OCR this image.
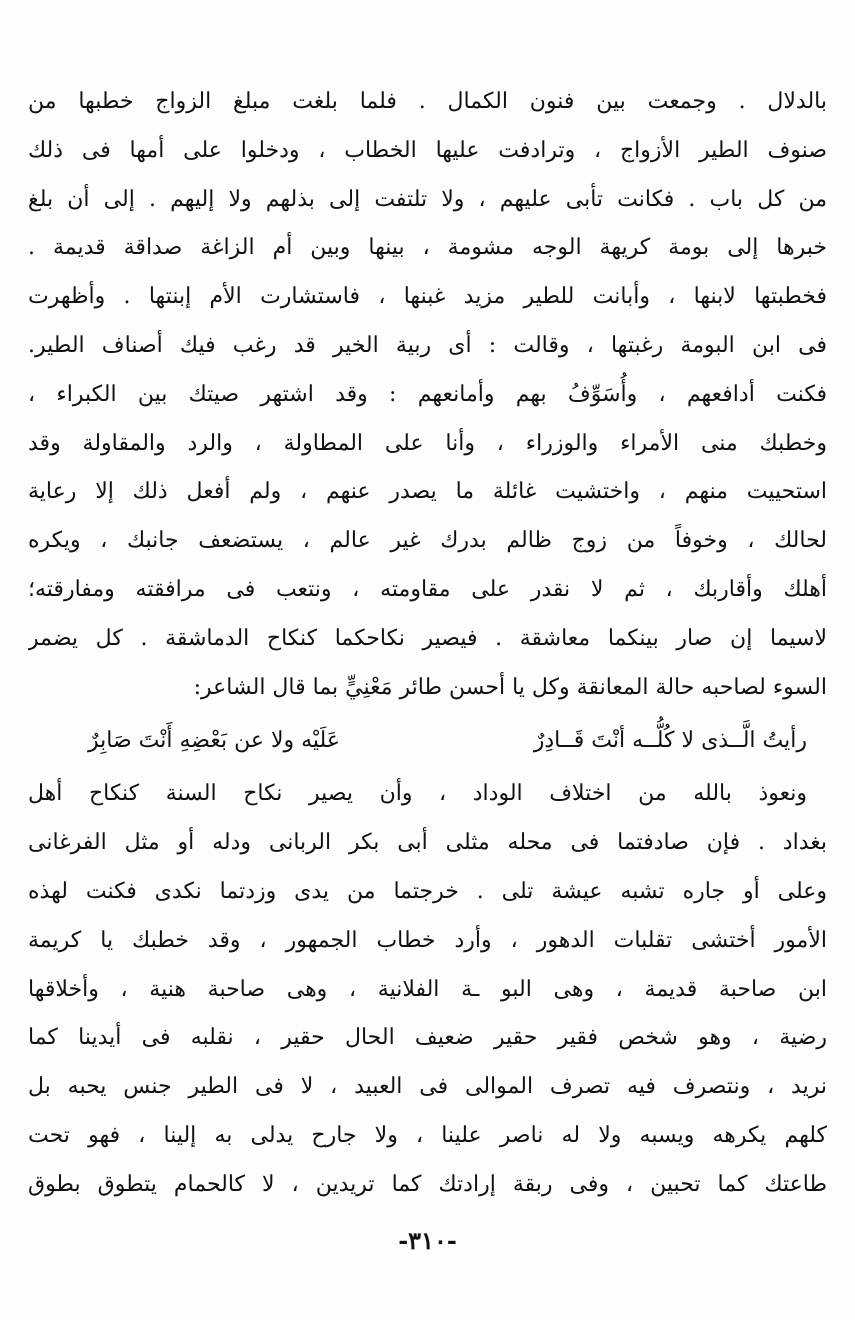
بالدلال . وجمعت بين فنون الكمال . فلما بلغت مبلغ الزواج خطبها من
صنوف الطير الأزواج ، وترادفت عليها الخطاب ، ودخلوا على أمها فى ذلك
من كل باب . فكانت تأبى عليهم ، ولا تلتفت إلى بذلهم ولا إليهم . إلى أن بلغ
خبرها إلى بومة كريهة الوجه مشومة ، بينها وبين أم الزاغة صداقة قديمة .
فخطبتها لابنها ، وأبانت للطير مزيد غبنها ، فاستشارت الأم إبنتها . وأظهرت
فى ابن البومة رغبتها ، وقالت : أى ربية الخير قد رغب فيك أصناف الطير.
فكنت أدافعهم ، وأُسَوِّفُ بهم وأمانعهم : وقد اشتهر صيتك بين الكبراء ،
وخطبك منى الأمراء والوزراء ، وأنا على المطاولة ، والرد والمقاولة وقد
استحييت منهم ، واختشيت غائلة ما يصدر عنهم ، ولم أفعل ذلك إلا رعاية
لحالك ، وخوفاً من زوج ظالم بدرك غير عالم ، يستضعف جانبك ، ويكره
أهلك وأقاربك ، ثم لا نقدر على مقاومته ، ونتعب فى مرافقته ومفارقته؛
لاسيما إن صار بينكما معاشقة . فيصير نكاحكما كنكاح الدماشقة . كل يضمر
السوء لصاحبه حالة المعانقة وكل يا أحسن طائر مَعْنِيٍّ بما قال الشاعر:
رأيتُ الَّــذى لا كُلُّــه أنْتَ قَــادِرٌ
عَلَيْه ولا عن بَعْضِهِ أَنْتَ صَابِرٌ
ونعوذ بالله من اختلاف الوداد ، وأن يصير نكاح السنة كنكاح أهل
بغداد . فإن صادفتما فى محله مثلى أبى بكر الربانى ودله أو مثل الفرغانى
وعلى أو جاره تشبه عيشة تلى . خرجتما من يدى وزدتما نكدى فكنت لهذه
الأمور أختشى تقلبات الدهور ، وأرد خطاب الجمهور ، وقد خطبك يا كريمة
ابن صاحبة قديمة ، وهى البو ـة الفلانية ، وهى صاحبة هنية ، وأخلاقها
رضية ، وهو شخص فقير حقير ضعيف الحال حقير ، نقلبه فى أيدينا كما
نريد ، ونتصرف فيه تصرف الموالى فى العبيد ، لا فى الطير جنس يحبه بل
كلهم يكرهه ويسبه ولا له ناصر علينا ، ولا جارح يدلى به إلينا ، فهو تحت
طاعتك كما تحبين ، وفى ربقة إرادتك كما تريدين ، لا كالحمام يتطوق بطوق
-٣١٠-
